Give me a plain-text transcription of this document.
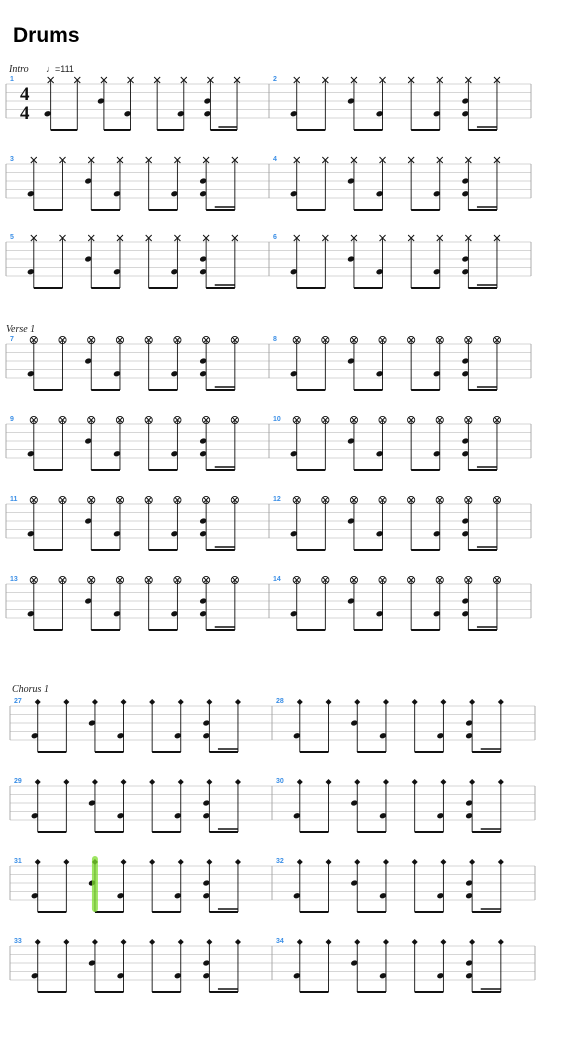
Drums
♩=111
Intro
1	2
4
4
3	4
5	6
Verse 1
7	8
9	10
11	12
13	14
Chorus 1
27	28
29	30
31	32
33	34
